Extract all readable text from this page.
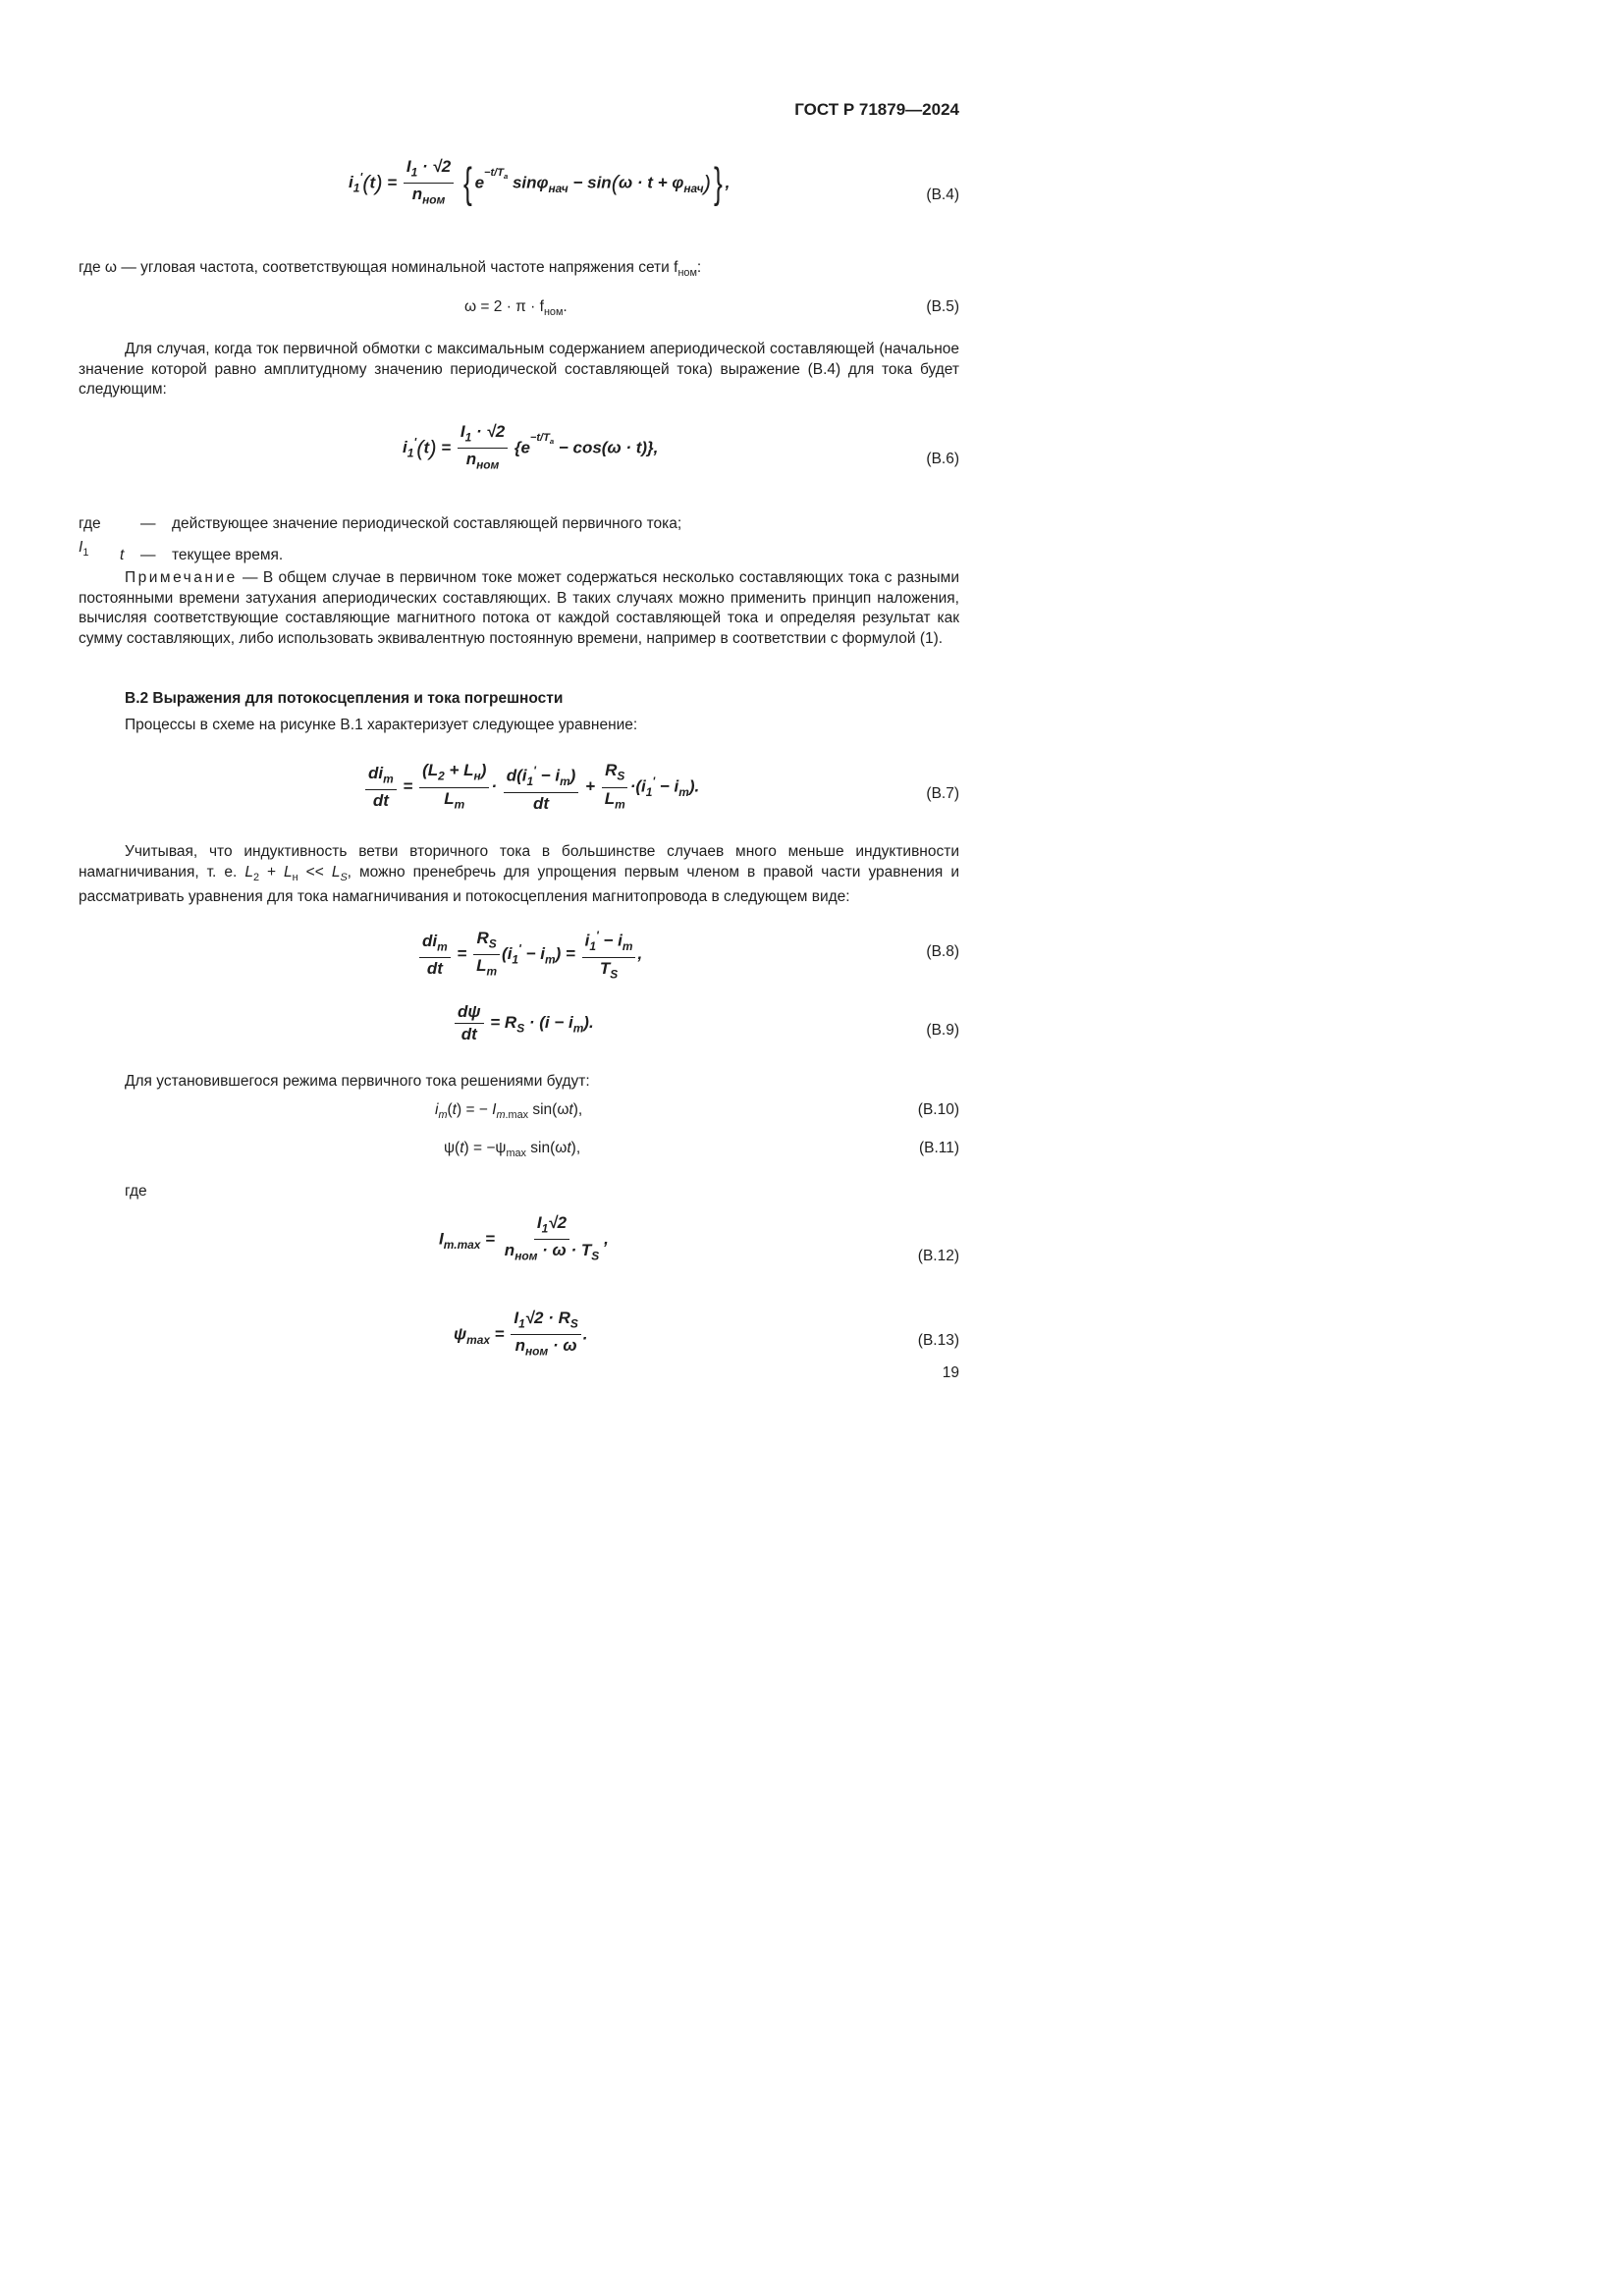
ГОСТ Р 71879—2024
$i_1'(t) = \frac{I_1 \cdot √2}{n_{ном}}$ { $e^{-t/T_a}$ $\sin\varphi_{нач} - \sin(\omega \cdot t + \varphi_{нач})$} ,
(B.4)
где ω — угловая частота, соответствующая номинальной частоте напряжения сети $f_{ном}$:
$\omega = 2 \cdot \pi \cdot f_{ном}$.	(B.5)
Для случая, когда ток первичной обмотки с максимальным содержанием апериодической составляющей (начальное значение которой равно амплитудному значению периодической составляющей тока) выражение (B.4) для тока будет следующим:
$i_1'(t) = \frac{I_1 \cdot √2}{n_{ном}} \{e^{-t/T_a} - \cos(\omega \cdot t)\}$,
(B.6)
где $I_1$
— действующее значение периодической составляющей первичного тока;
t — текущее время.
Примечание — В общем случае в первичном токе может содержаться несколько составляющих тока с разными постоянными времени затухания апериодических составляющих. В таких случаях можно применить принцип наложения, вычисляя соответствующие составляющие магнитного потока от каждой составляющей тока и определяя результат как сумму составляющих, либо использовать эквивалентную постоянную времени, например в соответствии с формулой (1).
B.2 Выражения для потокосцепления и тока погрешности
Процессы в схеме на рисунке B.1 характеризует следующее уравнение:
$\frac{di_m}{dt} = \frac{(L_2 + L_н)}{L_m} \cdot \frac{d(i_1' - i_m)}{dt} + \frac{R_S}{L_m} \cdot(i_1' - i_m)$.	(B.7)
Учитывая, что индуктивность ветви вторичного тока в большинстве случаев много меньше индуктивности намагничивания, т. е. $L_2 + L_н << L_S$, можно пренебречь для упрощения первым членом в правой части уравнения и рассматривать уравнения для тока намагничивания и потокосцепления магнитопровода в следующем виде:
$\frac{di_m}{dt} = \frac{R_S}{L_m} (i_1' - i_m) = \frac{i_1' - i_m}{T_S}$ ,	(B.8)
$\frac{d\psi}{dt} = R_S \cdot (i - i_m)$.	(B.9)
Для установившегося режима первичного тока решениями будут:
$i_m(t)$ = − $I_{m.max}$ sin(ωt),	(B.10)
$\psi(t) = -\psi_{max}$ sin(ωt),	(B.11)
где
$I_{m.max} = \frac{I_1√2}{n_{ном} \cdot \omega \cdot T_S}$ ,
(B.12)
$\psi_{max} = \frac{I_1√2 \cdot R_S}{n_{ном} \cdot \omega}$ .	(B.13)
19
